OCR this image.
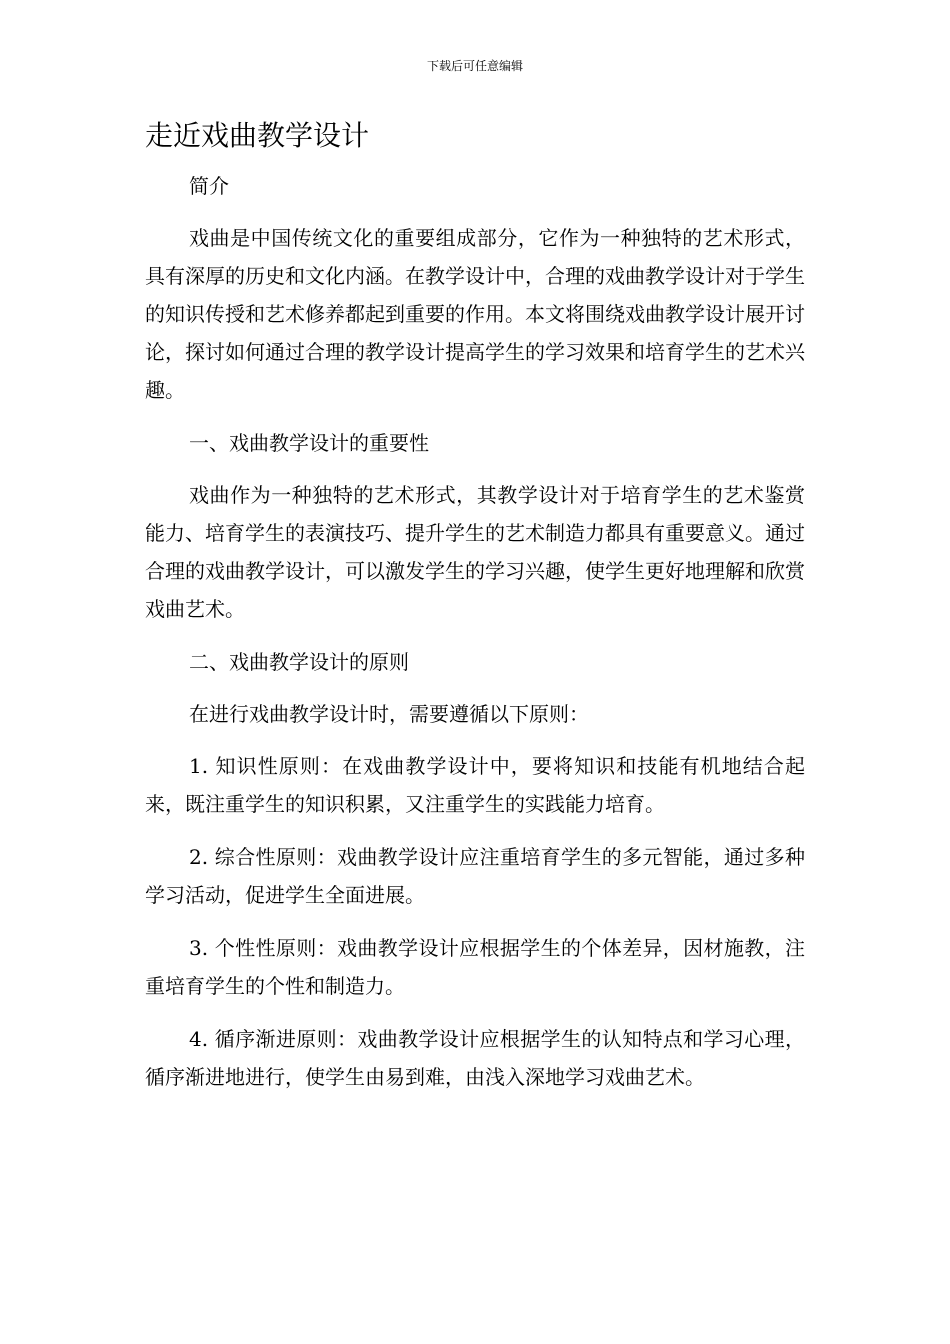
下载后可任意编辑
走近戏曲教学设计

简介

戏曲是中国传统文化的重要组成部分，它作为一种独特的艺术形式，具有深厚的历史和文化内涵。在教学设计中，合理的戏曲教学设计对于学生的知识传授和艺术修养都起到重要的作用。本文将围绕戏曲教学设计展开讨论，探讨如何通过合理的教学设计提高学生的学习效果和培育学生的艺术兴趣。

一、戏曲教学设计的重要性

戏曲作为一种独特的艺术形式，其教学设计对于培育学生的艺术鉴赏能力、培育学生的表演技巧、提升学生的艺术制造力都具有重要意义。通过合理的戏曲教学设计，可以激发学生的学习兴趣，使学生更好地理解和欣赏戏曲艺术。

二、戏曲教学设计的原则

在进行戏曲教学设计时，需要遵循以下原则：

1. 知识性原则：在戏曲教学设计中，要将知识和技能有机地结合起来，既注重学生的知识积累，又注重学生的实践能力培育。

2. 综合性原则：戏曲教学设计应注重培育学生的多元智能，通过多种学习活动，促进学生全面进展。

3. 个性性原则：戏曲教学设计应根据学生的个体差异，因材施教，注重培育学生的个性和制造力。

4. 循序渐进原则：戏曲教学设计应根据学生的认知特点和学习心理，循序渐进地进行，使学生由易到难，由浅入深地学习戏曲艺术。
